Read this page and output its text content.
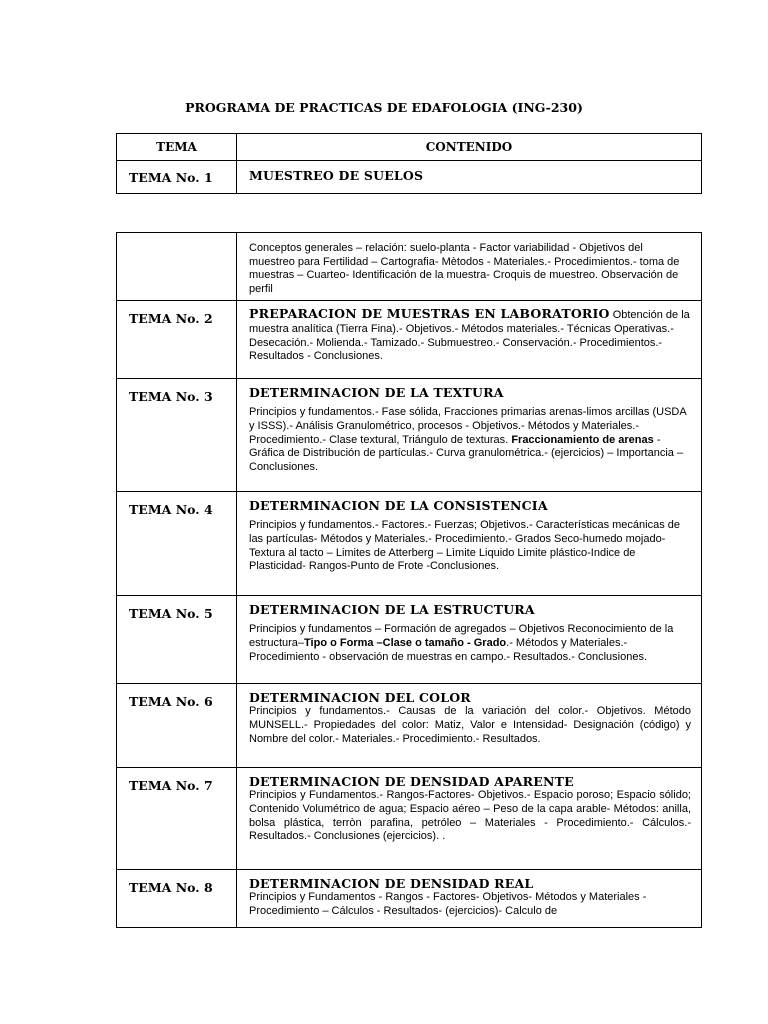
PROGRAMA DE PRACTICAS DE EDAFOLOGIA (ING-230)
TEMA	CONTENIDO
TEMA No. 1	MUESTREO DE SUELOS

	Conceptos generales – relación: suelo-planta - Factor variabilidad - Objetivos del muestreo para Fertilidad – Cartografia- Mètodos - Materiales.- Procedimientos.- toma de muestras – Cuarteo- Identificación de la muestra- Croquis de muestreo. Observación de perfil

TEMA No. 2	PREPARACION DE MUESTRAS EN LABORATORIO Obtención de la muestra analítica (Tierra Fina).- Objetivos.- Métodos materiales.- Técnicas Operativas.- Desecación.- Molienda.- Tamizado.- Submuestreo.- Conservación.- Procedimientos.- Resultados - Conclusiones.

TEMA No. 3	DETERMINACION DE LA TEXTURA
Principios y fundamentos.- Fase sólida, Fracciones primarias arenas-limos arcillas (USDA y ISSS).- Análisis Granulométrico, procesos - Objetivos.- Métodos y Materiales.- Procedimiento.- Clase textural, Triángulo de texturas. Fraccionamiento de arenas - Gráfica de Distribución de partículas.- Curva granulométrica.- (ejercicios) – Importancia – Conclusiones.

TEMA No. 4	DETERMINACION DE LA CONSISTENCIA
Principios y fundamentos.- Factores.- Fuerzas; Objetivos.- Características mecánicas de las partículas- Métodos y Materiales.- Procedimiento.- Grados Seco-humedo mojado-Textura al tacto – Limites de Atterberg – Lìmite Liquido Limite plástico-Indice de Plasticidad- Rangos-Punto de Frote -Conclusiones.

TEMA No. 5	DETERMINACION DE LA ESTRUCTURA
Principios y fundamentos – Formación de agregados – Objetivos Reconocimiento de la estructura–Tipo o Forma –Clase o tamaño - Grado.- Métodos y Materiales.- Procedimiento - observación de muestras en campo.- Resultados.- Conclusiones.

TEMA No. 6	DETERMINACION DEL COLOR
Principios y fundamentos.- Causas de la variación del color.- Objetivos. Método MUNSELL.- Propiedades del color: Matiz, Valor e Intensidad- Designación (código) y Nombre del color.- Materiales.- Procedimiento.- Resultados.

TEMA No. 7	DETERMINACION DE DENSIDAD APARENTE
Principios y Fundamentos.- Rangos-Factores- Objetivos.- Espacio poroso; Espacio sólido; Contenido Volumétrico de agua; Espacio aéreo – Peso de la capa arable- Métodos: anilla, bolsa plástica, terròn parafina, petróleo – Materiales - Procedimiento.- Cálculos.- Resultados.- Conclusiones (ejercicios). .

TEMA No. 8	DETERMINACION DE DENSIDAD REAL
Principios y Fundamentos - Rangos - Factores- Objetivos- Métodos y Materiales - Procedimiento – Cálculos - Resultados- (ejercicios)- Calculo de
